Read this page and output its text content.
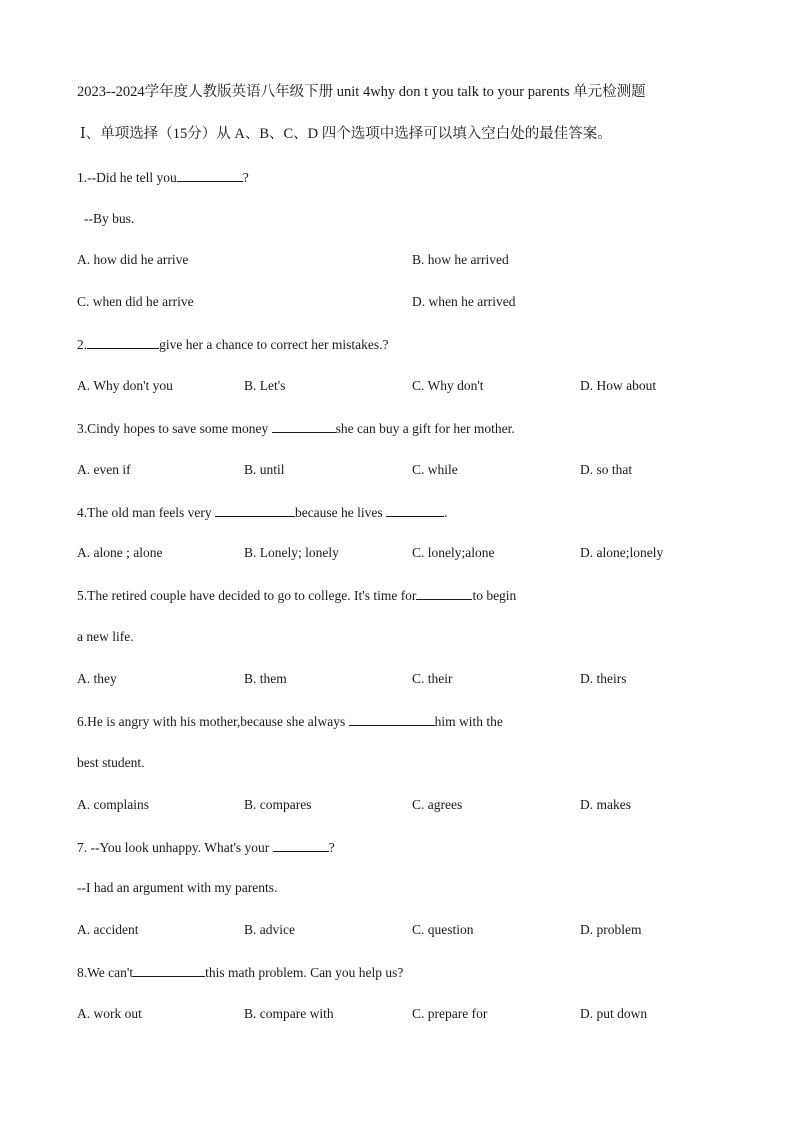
2023--2024学年度人教版英语八年级下册 unit 4why don t you talk to your parents 单元检测题
Ⅰ、单项选择（15分）从 A、B、C、D 四个选项中选择可以填入空白处的最佳答案。
1.--Did he tell you	?
--By bus.
A. how did he arrive	B. how he arrived
C. when did he arrive	D. when he arrived
2.	give her a chance to correct her mistakes.?
A. Why don't you	B. Let's	C. Why don't	D. How about
3.Cindy hopes to save some money	she can buy a gift for her mother.
A. even if	B. until	C. while	D. so that
4.The old man feels very	because he lives	.
A. alone ; alone	B. Lonely; lonely	C. lonely;alone	D. alone;lonely
5.The retired couple have decided to go to college. It's time for	to begin
a new life.
A. they	B. them	C. their	D. theirs
6.He is angry with his mother,because she always	him with the
best student.
A. complains	B. compares	C. agrees	D. makes
7. --You look unhappy. What's your	?
--I had an argument with my parents.
A. accident	B. advice	C. question	D. problem
8.We can't	this math problem. Can you help us?
A. work out	B. compare with	C. prepare for	D. put down
